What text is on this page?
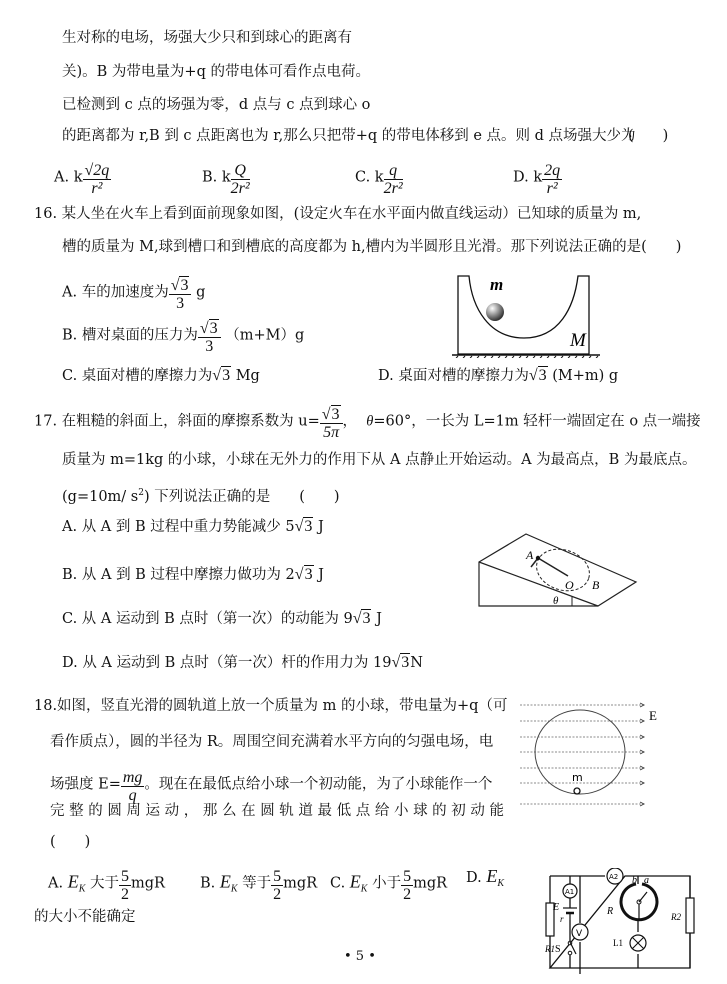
生对称的电场，场强大少只和到球心的距离有
关)。B 为带电量为+q 的带电体可看作点电荷。
已检测到 c 点的场强为零，d 点与 c 点到球心 o
的距离都为 r,B 到 c 点距离也为 r,那么只把带+q 的带电体移到 e 点。则 d 点场强大少为
(　　)
A. k $\frac{√2q}{\text{r²}}$	B. k $\frac{Q}{\text{2r²}}$	C. k $\frac{q}{\text{2r²}}$	D. k $\frac{2q}{\text{r²}}$
16. 某人坐在火车上看到面前现象如图，(设定火车在水平面内做直线运动）已知球的质量为 m,
槽的质量为 M,球到槽口和到槽底的高度都为 h,槽内为半圆形且光滑。那下列说法正确的是(　　)
A. 车的加速度为 $\frac{√3}{3}$ g
B. 槽对桌面的压力为 $\frac{√3}{3} (m+M)g$
C. 桌面对槽的摩擦力为√3 Mg	D. 桌面对槽的摩擦力为√3 (M+m) g
m
M
17. 在粗糙的斜面上，斜面的摩擦系数为 $u= \frac{√3}{5\pi}$ ， θ=60°，一长为 L=1m 轻杆一端固定在 o 点一端接
质量为 m=1kg 的小球，小球在无外力的作用下从 A 点静止开始运动。A 为最高点，B 为最底点。
(g=10m/ $s^2$) 下列说法正确的是　　(　　)
A. 从 A 到 B 过程中重力势能减少 5√3 J
B. 从 A 到 B 过程中摩擦力做功为 2√3 J
C. 从 A 运动到 B 点时（第一次）的动能为 9√3 J
D. 从 A 运动到 B 点时（第一次）杆的作用力为 19√3N
A
O B
θ
18.如图，竖直光滑的圆轨道上放一个质量为 m 的小球，带电量为+q（可
看作质点），圆的半径为 R。周围空间充满着水平方向的匀强电场，电
场强度 $E= \frac{mg}{q}$ 。现在在最低点给小球一个初动能，为了小球能作一个
完 整 的 圆 周 运 动 ， 那 么 在 圆 轨 道 最 低 点 给 小 球 的 初 动 能
(　　)
m
E
A. $E_K$ 大于 $\frac{5}{2}$ mgR B. $E_K$ 等于 $\frac{5}{2}$ mgR C. $E_K$ 小于 $\frac{5}{2}$ mgR D. $E_K$
的大小不能确定
A2
A1
E
r
S
V
b a
R
L1
R1
R2
• 5 •
